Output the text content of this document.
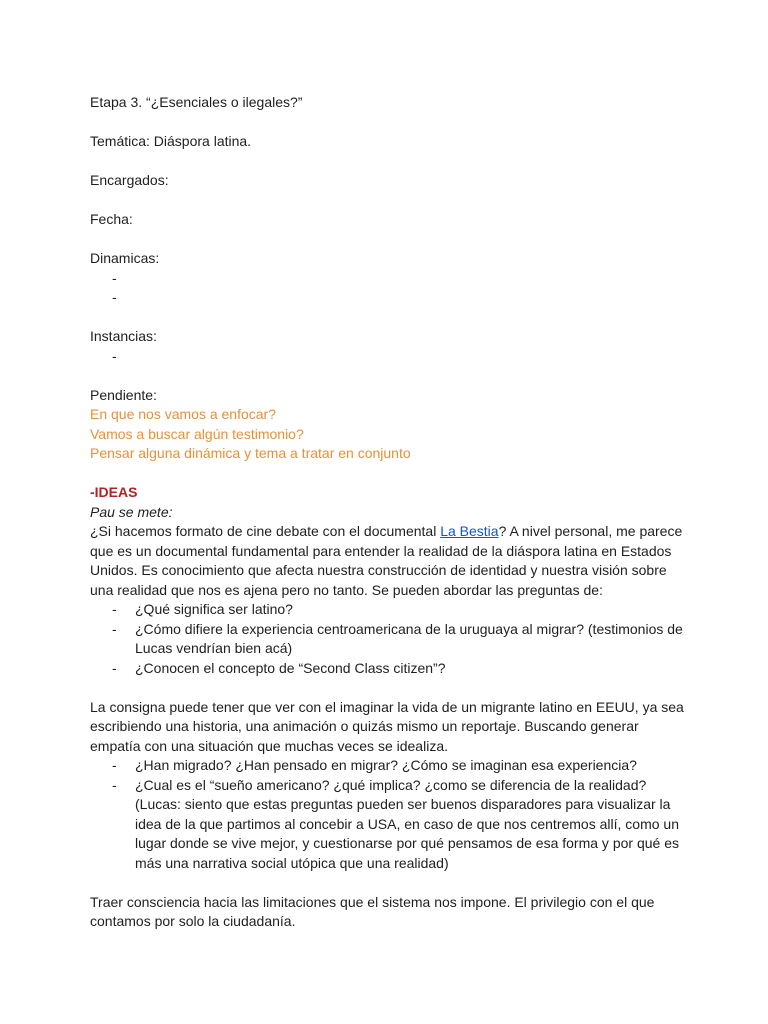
Etapa 3. “¿Esenciales o ilegales?”

Temática: Diáspora latina.

Encargados:

Fecha:

Dinamicas:

-

-

Instancias:

-

Pendiente:

En que nos vamos a enfocar?

Vamos a buscar algún testimonio?

Pensar alguna dinámica y tema a tratar en conjunto

-IDEAS

Pau se mete:

¿Si hacemos formato de cine debate con el documental La Bestia? A nivel personal, me parece que es un documental fundamental para entender la realidad de la diáspora latina en Estados Unidos. Es conocimiento que afecta nuestra construcción de identidad y nuestra visión sobre una realidad que nos es ajena pero no tanto. Se pueden abordar las preguntas de:

- ¿Qué significa ser latino?
- ¿Cómo difiere la experiencia centroamericana de la uruguaya al migrar? (testimonios de Lucas vendrían bien acá)
- ¿Conocen el concepto de “Second Class citizen”?

La consigna puede tener que ver con el imaginar la vida de un migrante latino en EEUU, ya sea escribiendo una historia, una animación o quizás mismo un reportaje. Buscando generar empatía con una situación que muchas veces se idealiza.

- ¿Han migrado? ¿Han pensado en migrar? ¿Cómo se imaginan esa experiencia?
- ¿Cual es el “sueño americano? ¿qué implica? ¿como se diferencia de la realidad? (Lucas: siento que estas preguntas pueden ser buenos disparadores para visualizar la idea de la que partimos al concebir a USA, en caso de que nos centremos allí, como un lugar donde se vive mejor, y cuestionarse por qué pensamos de esa forma y por qué es más una narrativa social utópica que una realidad)

Traer consciencia hacia las limitaciones que el sistema nos impone. El privilegio con el que contamos por solo la ciudadanía.
